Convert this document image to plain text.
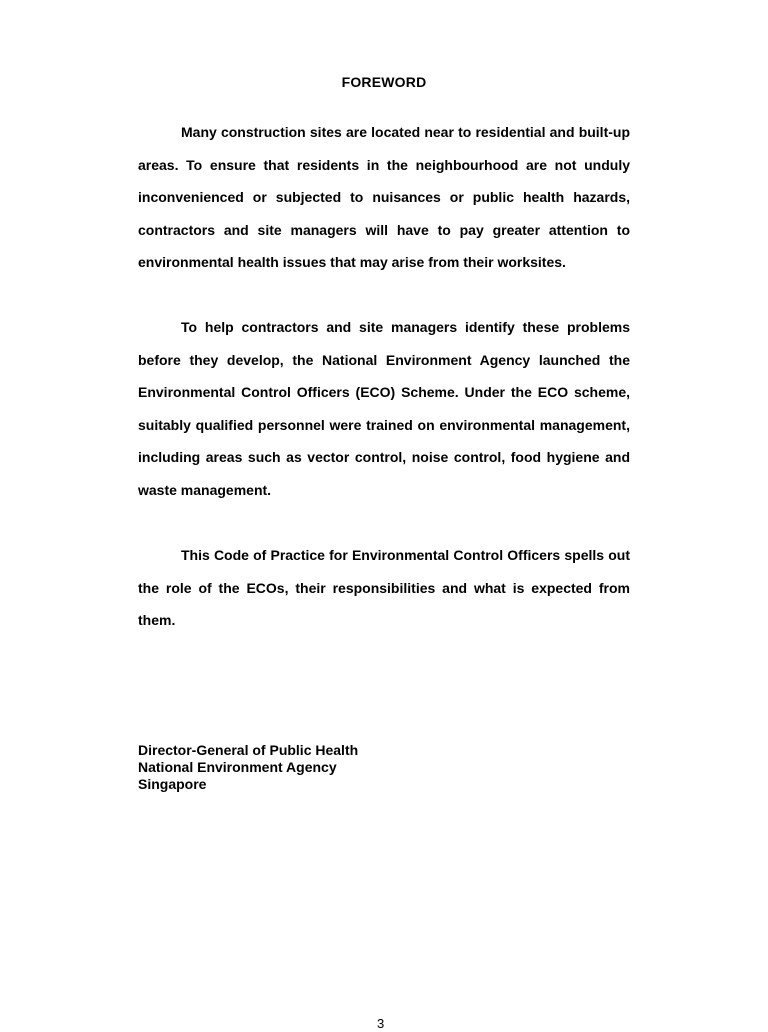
FOREWORD

Many construction sites are located near to residential and built-up areas. To ensure that residents in the neighbourhood are not unduly inconvenienced or subjected to nuisances or public health hazards, contractors and site managers will have to pay greater attention to environmental health issues that may arise from their worksites.

To help contractors and site managers identify these problems before they develop, the National Environment Agency launched the Environmental Control Officers (ECO) Scheme. Under the ECO scheme, suitably qualified personnel were trained on environmental management, including areas such as vector control, noise control, food hygiene and waste management.

This Code of Practice for Environmental Control Officers spells out the role of the ECOs, their responsibilities and what is expected from them.

Director-General of Public Health
National Environment Agency
Singapore
3
